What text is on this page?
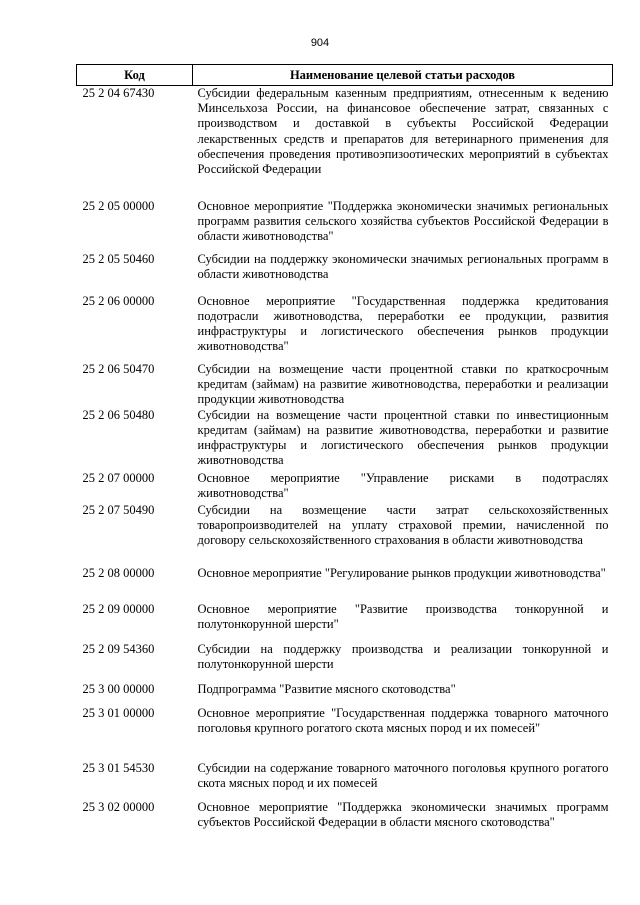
904
Код	Наименование целевой статьи расходов
25 2 04 67430	Субсидии федеральным казенным предприятиям, отнесенным к ведению Минсельхоза России, на финансовое обеспечение затрат, связанных с производством и доставкой в субъекты Российской Федерации лекарственных средств и препаратов для ветеринарного применения для обеспечения проведения противоэпизоотических мероприятий в субъектах Российской Федерации
25 2 05 00000	Основное мероприятие "Поддержка экономически значимых региональных программ развития сельского хозяйства субъектов Российской Федерации в области животноводства"
25 2 05 50460	Субсидии на поддержку экономически значимых региональных программ в области животноводства
25 2 06 00000	Основное мероприятие "Государственная поддержка кредитования подотрасли животноводства, переработки ее продукции, развития инфраструктуры и логистического обеспечения рынков продукции животноводства"
25 2 06 50470	Субсидии на возмещение части процентной ставки по краткосрочным кредитам (займам) на развитие животноводства, переработки и реализации продукции животноводства
25 2 06 50480	Субсидии на возмещение части процентной ставки по инвестиционным кредитам (займам) на развитие животноводства, переработки и развитие инфраструктуры и логистического обеспечения рынков продукции животноводства
25 2 07 00000	Основное мероприятие "Управление рисками в подотраслях животноводства"
25 2 07 50490	Субсидии на возмещение части затрат сельскохозяйственных товаропроизводителей на уплату страховой премии, начисленной по договору сельскохозяйственного страхования в области животноводства
25 2 08 00000	Основное мероприятие "Регулирование рынков продукции животноводства"
25 2 09 00000	Основное мероприятие "Развитие производства тонкорунной и полутонкорунной шерсти"
25 2 09 54360	Субсидии на поддержку производства и реализации тонкорунной и полутонкорунной шерсти
25 3 00 00000	Подпрограмма "Развитие мясного скотоводства"
25 3 01 00000	Основное мероприятие "Государственная поддержка товарного маточного поголовья крупного рогатого скота мясных пород и их помесей"
25 3 01 54530	Субсидии на содержание товарного маточного поголовья крупного рогатого скота мясных пород и их помесей
25 3 02 00000	Основное мероприятие "Поддержка экономически значимых программ субъектов Российской Федерации в области мясного скотоводства"
